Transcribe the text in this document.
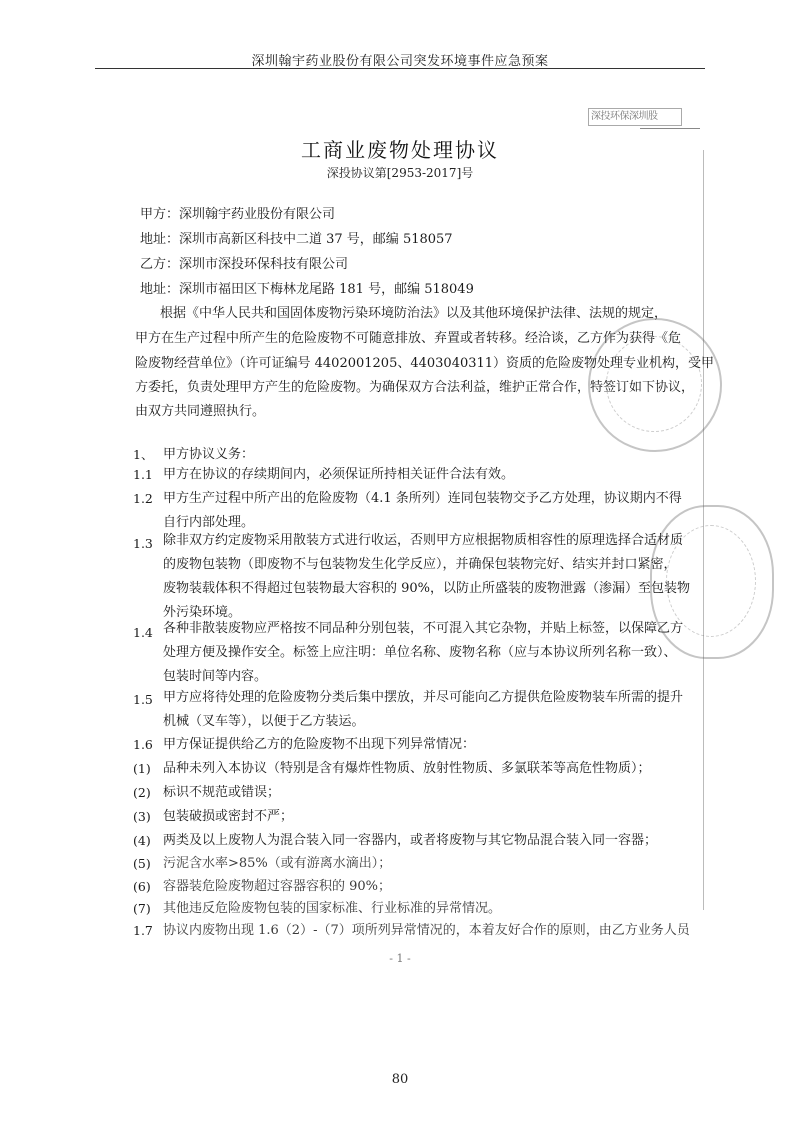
深圳翰宇药业股份有限公司突发环境事件应急预案
深投环保深圳股
工商业废物处理协议
深投协议第[2953-2017]号
甲方：深圳翰宇药业股份有限公司
地址：深圳市高新区科技中二道 37 号，邮编 518057
乙方：深圳市深投环保科技有限公司
地址：深圳市福田区下梅林龙尾路 181 号，邮编 518049
根据《中华人民共和国固体废物污染环境防治法》以及其他环境保护法律、法规的规定，
甲方在生产过程中所产生的危险废物不可随意排放、弃置或者转移。经洽谈，乙方作为获得《危
险废物经营单位》（许可证编号 4402001205、4403040311）资质的危险废物处理专业机构，受甲
方委托，负责处理甲方产生的危险废物。为确保双方合法利益，维护正常合作，特签订如下协议，
由双方共同遵照执行。
1、 甲方协议义务：
1.1 甲方在协议的存续期间内，必须保证所持相关证件合法有效。
1.2 甲方生产过程中所产出的危险废物（4.1 条所列）连同包装物交予乙方处理，协议期内不得
自行内部处理。
1.3 除非双方约定废物采用散装方式进行收运，否则甲方应根据物质相容性的原理选择合适材质
的废物包装物（即废物不与包装物发生化学反应），并确保包装物完好、结实并封口紧密，
废物装载体积不得超过包装物最大容积的 90%，以防止所盛装的废物泄露（渗漏）至包装物
外污染环境。
1.4 各种非散装废物应严格按不同品种分别包装，不可混入其它杂物，并贴上标签，以保障乙方
处理方便及操作安全。标签上应注明：单位名称、废物名称（应与本协议所列名称一致）、
包装时间等内容。
1.5 甲方应将待处理的危险废物分类后集中摆放，并尽可能向乙方提供危险废物装车所需的提升
机械（叉车等），以便于乙方装运。
1.6 甲方保证提供给乙方的危险废物不出现下列异常情况：
(1) 品种未列入本协议（特别是含有爆炸性物质、放射性物质、多氯联苯等高危性物质）；
(2) 标识不规范或错误；
(3) 包装破损或密封不严；
(4) 两类及以上废物人为混合装入同一容器内，或者将废物与其它物品混合装入同一容器；
(5) 污泥含水率>85%（或有游离水滴出）；
(6) 容器装危险废物超过容器容积的 90%；
(7) 其他违反危险废物包装的国家标准、行业标准的异常情况。
1.7 协议内废物出现 1.6（2）-（7）项所列异常情况的，本着友好合作的原则，由乙方业务人员
- 1 -
80
